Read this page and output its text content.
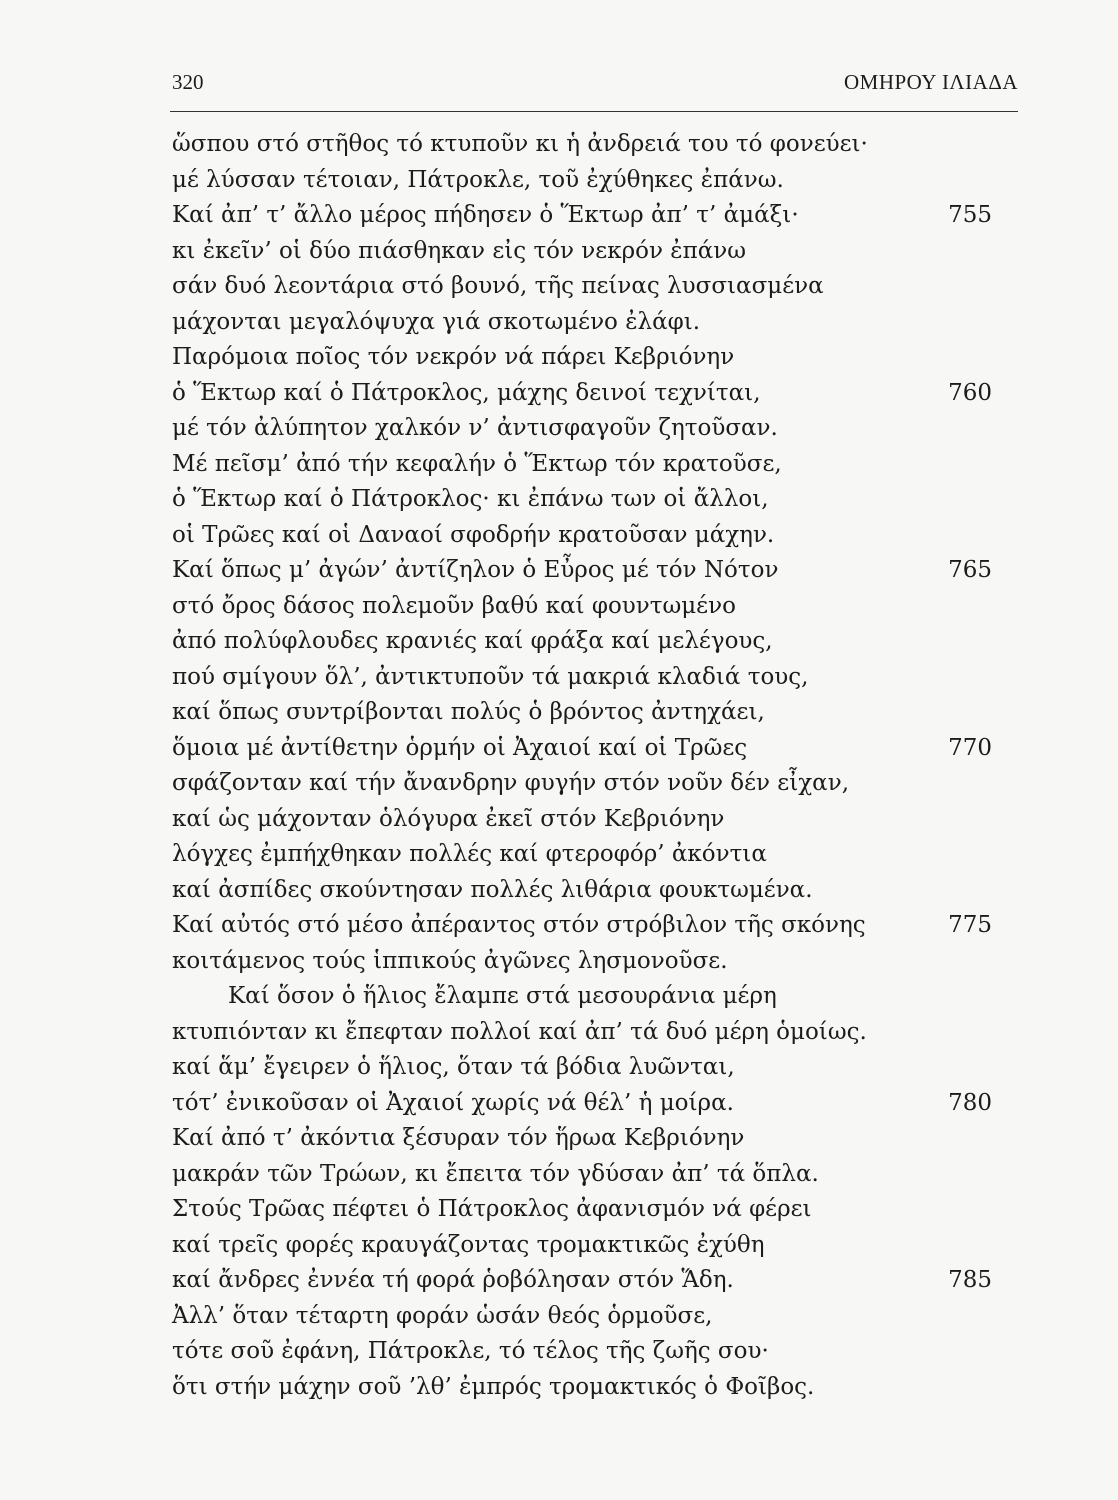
320	ΟΜΗΡΟΥ ΙΛΙΑΔΑ
ὥσπου στό στῆθος τό κτυποῦν κι ἡ ἀνδρειά του τό φονεύει·
μέ λύσσαν τέτοιαν, Πάτροκλε, τοῦ ἐχύθηκες ἐπάνω.
Καί ἀπ’ τ’ ἄλλο μέρος πήδησεν ὁ Ἕκτωρ ἀπ’ τ’ ἀμάξι·	755
κι ἐκεῖν’ οἱ δύο πιάσθηκαν εἰς τόν νεκρόν ἐπάνω
σάν δυό λεοντάρια στό βουνό, τῆς πείνας λυσσιασμένα
μάχονται μεγαλόψυχα γιά σκοτωμένο ἐλάφι.
Παρόμοια ποῖος τόν νεκρόν νά πάρει Κεβριόνην
ὁ Ἕκτωρ καί ὁ Πάτροκλος, μάχης δεινοί τεχνίται,	760
μέ τόν ἀλύπητον χαλκόν ν’ ἀντισφαγοῦν ζητοῦσαν.
Μέ πεῖσμ’ ἀπό τήν κεφαλήν ὁ Ἕκτωρ τόν κρατοῦσε,
ὁ Ἕκτωρ καί ὁ Πάτροκλος· κι ἐπάνω των οἱ ἄλλοι,
οἱ Τρῶες καί οἱ Δαναοί σφοδρήν κρατοῦσαν μάχην.
Καί ὅπως μ’ ἀγών’ ἀντίζηλον ὁ Εὖρος μέ τόν Νότον	765
στό ὄρος δάσος πολεμοῦν βαθύ καί φουντωμένο
ἀπό πολύφλουδες κρανιές καί φράξα καί μελέγους,
πού σμίγουν ὅλ’, ἀντικτυποῦν τά μακριά κλαδιά τους,
καί ὅπως συντρίβονται πολύς ὁ βρόντος ἀντηχάει,
ὅμοια μέ ἀντίθετην ὁρμήν οἱ Ἀχαιοί καί οἱ Τρῶες	770
σφάζονταν καί τήν ἄνανδρην φυγήν στόν νοῦν δέν εἶχαν,
καί ὡς μάχονταν ὁλόγυρα ἐκεῖ στόν Κεβριόνην
λόγχες ἐμπήχθηκαν πολλές καί φτεροφόρ’ ἀκόντια
καί ἀσπίδες σκούντησαν πολλές λιθάρια φουκτωμένα.
Καί αὐτός στό μέσο ἀπέραντος στόν στρόβιλον τῆς σκόνης	775
κοιτάμενος τούς ἱππικούς ἀγῶνες λησμονοῦσε.
Καί ὅσον ὁ ἥλιος ἔλαμπε στά μεσουράνια μέρη
κτυπιόνταν κι ἔπεφταν πολλοί καί ἀπ’ τά δυό μέρη ὁμοίως.
καί ἅμ’ ἔγειρεν ὁ ἥλιος, ὅταν τά βόδια λυῶνται,
τότ’ ἐνικοῦσαν οἱ Ἀχαιοί χωρίς νά θέλ’ ἡ μοίρα.	780
Καί ἀπό τ’ ἀκόντια ξέσυραν τόν ἥρωα Κεβριόνην
μακράν τῶν Τρώων, κι ἔπειτα τόν γδύσαν ἀπ’ τά ὅπλα.
Στούς Τρῶας πέφτει ὁ Πάτροκλος ἀφανισμόν νά φέρει
καί τρεῖς φορές κραυγάζοντας τρομακτικῶς ἐχύθη
καί ἄνδρες ἐννέα τή φορά ῥοβόλησαν στόν Ἅδη.	785
Ἀλλ’ ὅταν τέταρτη φοράν ὡσάν θεός ὁρμοῦσε,
τότε σοῦ ἐφάνη, Πάτροκλε, τό τέλος τῆς ζωῆς σου·
ὅτι στήν μάχην σοῦ ’λθ’ ἐμπρός τρομακτικός ὁ Φοῖβος.
